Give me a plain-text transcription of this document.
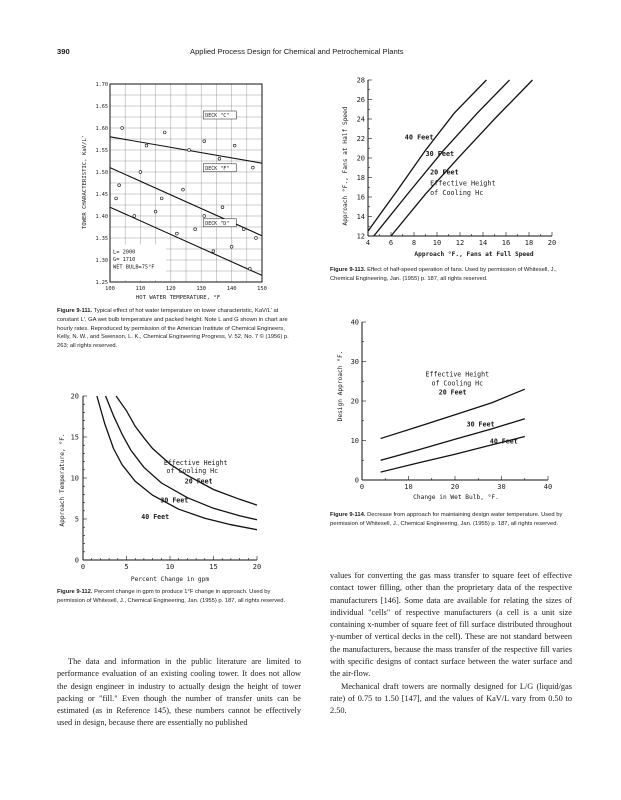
390	Applied Process Design for Chemical and Petrochemical Plants
TOWER CHARACTERISTIC, KaV/L'
HOT WATER TEMPERATURE, °F
1.70
1.65
1.60
1.55
1.50
1.45
1.40
1.35
1.30
1.25
100	110	120	130	140	150
DECK "C"
DECK "F"
DECK "D"
L= 2000
G= 1710
WET BULB=75°F
Figure 9-111. Typical effect of hot water temperature on tower characteristic, KaV/L' at constant L', GA wet bulb temperature and packed height. Note L and G shown in chart are hourly rates. Reproduced by permission of the American Institute of Chemical Engineers, Kelly, N. W., and Swenson, L. K., Chemical Engineering Progress, V. 52, No. 7 © (1956) p. 263; all rights reserved.
Approach Temperature, °F.
Percent Change in gpm
20
15
10
5
0
0	5	10	15	20
Effective Height
of Cooling Hc
20 Feet
30 Feet
40 Feet
Figure 9-112. Percent change in gpm to produce 1°F change in approach. Used by permission of Whitesell, J., Chemical Engineering, Jan. (1955) p. 187, all rights reserved.
Approach °F., Fans at Half Speed
Approach °F., Fans at Full Speed
28
26
24
22
20
18
16
14
12
4	6	8 10 12 14 16 18 20
40 Feet
30 Feet
20 Feet
Effective Height
of Cooling Hc
Figure 9-113. Effect of half-speed operation of fans. Used by permission of Whitesell, J., Chemical Engineering, Jan. (1955) p. 187, all rights reserved.
Design Approach °F.
Change in Wet Bulb, °F.
40
30
20
10
0
0	10	20	30	40
Effective Height
of Cooling Hc
20 Feet
30 Feet
40 Feet
Figure 9-114. Decrease from approach for maintaining design water temperature. Used by permission of Whitesell, J., Chemical Engineering, Jan. (1955) p. 187, all rights reserved.

The data and information in the public literature are limited to performance evaluation of an existing cooling tower. It does not allow the design engineer in industry to actually design the height of tower packing or "fill." Even though the number of transfer units can be estimated (as in Reference 145), these numbers cannot be effectively used in design, because there are essentially no published

values for converting the gas mass transfer to square feet of effective contact tower filling, other than the proprietary data of the respective manufacturers [146]. Some data are available for relating the sizes of individual "cells" of respective manufacturers (a cell is a unit size containing x-number of square feet of fill surface distributed throughout y-number of vertical decks in the cell). These are not standard between the manufacturers, because the mass transfer of the respective fill varies with specific designs of contact surface between the water surface and the air-flow.

Mechanical draft towers are normally designed for L/G (liquid/gas rate) of 0.75 to 1.50 [147], and the values of KaV/L vary from 0.50 to 2.50.
